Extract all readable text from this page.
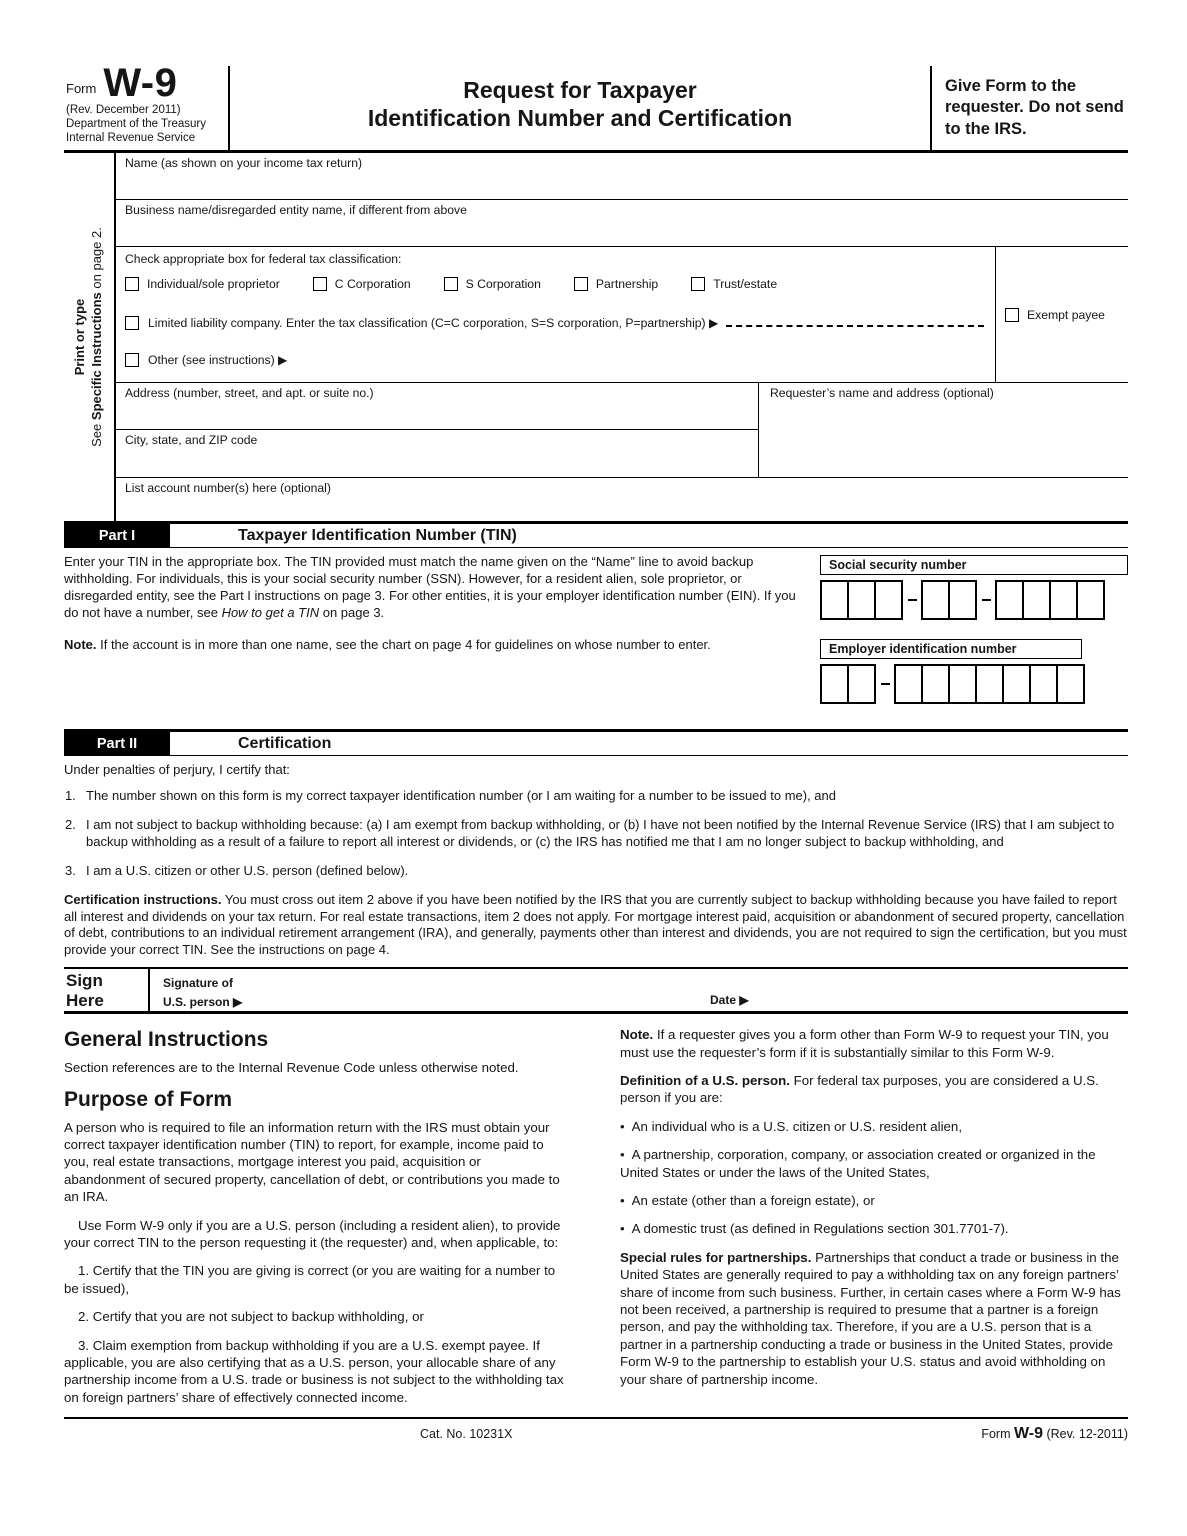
Form W-9
(Rev. December 2011)
Department of the Treasury
Internal Revenue Service
Request for Taxpayer
Identification Number and Certification
Give Form to the requester. Do not send to the IRS.
Print or type
See Specific Instructions on page 2.
Name (as shown on your income tax return)
Business name/disregarded entity name, if different from above
Check appropriate box for federal tax classification:
Individual/sole proprietor	C Corporation	S Corporation	Partnership	Trust/estate
Limited liability company. Enter the tax classification (C=C corporation, S=S corporation, P=partnership) ▶
Other (see instructions) ▶
Exempt payee
Address (number, street, and apt. or suite no.)
City, state, and ZIP code
Requester’s name and address (optional)
List account number(s) here (optional)
Part I	Taxpayer Identification Number (TIN)

Enter your TIN in the appropriate box. The TIN provided must match the name given on the “Name” line to avoid backup withholding. For individuals, this is your social security number (SSN). However, for a resident alien, sole proprietor, or disregarded entity, see the Part I instructions on page 3. For other entities, it is your employer identification number (EIN). If you do not have a number, see How to get a TIN on page 3.

Note. If the account is in more than one name, see the chart on page 4 for guidelines on whose number to enter.

Social security number
Employer identification number
Part II	Certification

Under penalties of perjury, I certify that:

1. The number shown on this form is my correct taxpayer identification number (or I am waiting for a number to be issued to me), and
2. I am not subject to backup withholding because: (a) I am exempt from backup withholding, or (b) I have not been notified by the Internal Revenue Service (IRS) that I am subject to backup withholding as a result of a failure to report all interest or dividends, or (c) the IRS has notified me that I am no longer subject to backup withholding, and
3. I am a U.S. citizen or other U.S. person (defined below).

Certification instructions. You must cross out item 2 above if you have been notified by the IRS that you are currently subject to backup withholding because you have failed to report all interest and dividends on your tax return. For real estate transactions, item 2 does not apply. For mortgage interest paid, acquisition or abandonment of secured property, cancellation of debt, contributions to an individual retirement arrangement (IRA), and generally, payments other than interest and dividends, you are not required to sign the certification, but you must provide your correct TIN. See the instructions on page 4.

Sign
Here
Signature of
U.S. person ▶	Date ▶
General Instructions

Section references are to the Internal Revenue Code unless otherwise noted.

Purpose of Form

A person who is required to file an information return with the IRS must obtain your correct taxpayer identification number (TIN) to report, for example, income paid to you, real estate transactions, mortgage interest you paid, acquisition or abandonment of secured property, cancellation of debt, or contributions you made to an IRA.

Use Form W-9 only if you are a U.S. person (including a resident alien), to provide your correct TIN to the person requesting it (the requester) and, when applicable, to:

1. Certify that the TIN you are giving is correct (or you are waiting for a number to be issued),

2. Certify that you are not subject to backup withholding, or

3. Claim exemption from backup withholding if you are a U.S. exempt payee. If applicable, you are also certifying that as a U.S. person, your allocable share of any partnership income from a U.S. trade or business is not subject to the withholding tax on foreign partners’ share of effectively connected income.

Note. If a requester gives you a form other than Form W-9 to request your TIN, you must use the requester’s form if it is substantially similar to this Form W-9.

Definition of a U.S. person. For federal tax purposes, you are considered a U.S. person if you are:

• An individual who is a U.S. citizen or U.S. resident alien,

• A partnership, corporation, company, or association created or organized in the United States or under the laws of the United States,

• An estate (other than a foreign estate), or

• A domestic trust (as defined in Regulations section 301.7701-7).

Special rules for partnerships. Partnerships that conduct a trade or business in the United States are generally required to pay a withholding tax on any foreign partners’ share of income from such business. Further, in certain cases where a Form W-9 has not been received, a partnership is required to presume that a partner is a foreign person, and pay the withholding tax. Therefore, if you are a U.S. person that is a partner in a partnership conducting a trade or business in the United States, provide Form W-9 to the partnership to establish your U.S. status and avoid withholding on your share of partnership income.

Cat. No. 10231X	Form W-9 (Rev. 12-2011)
